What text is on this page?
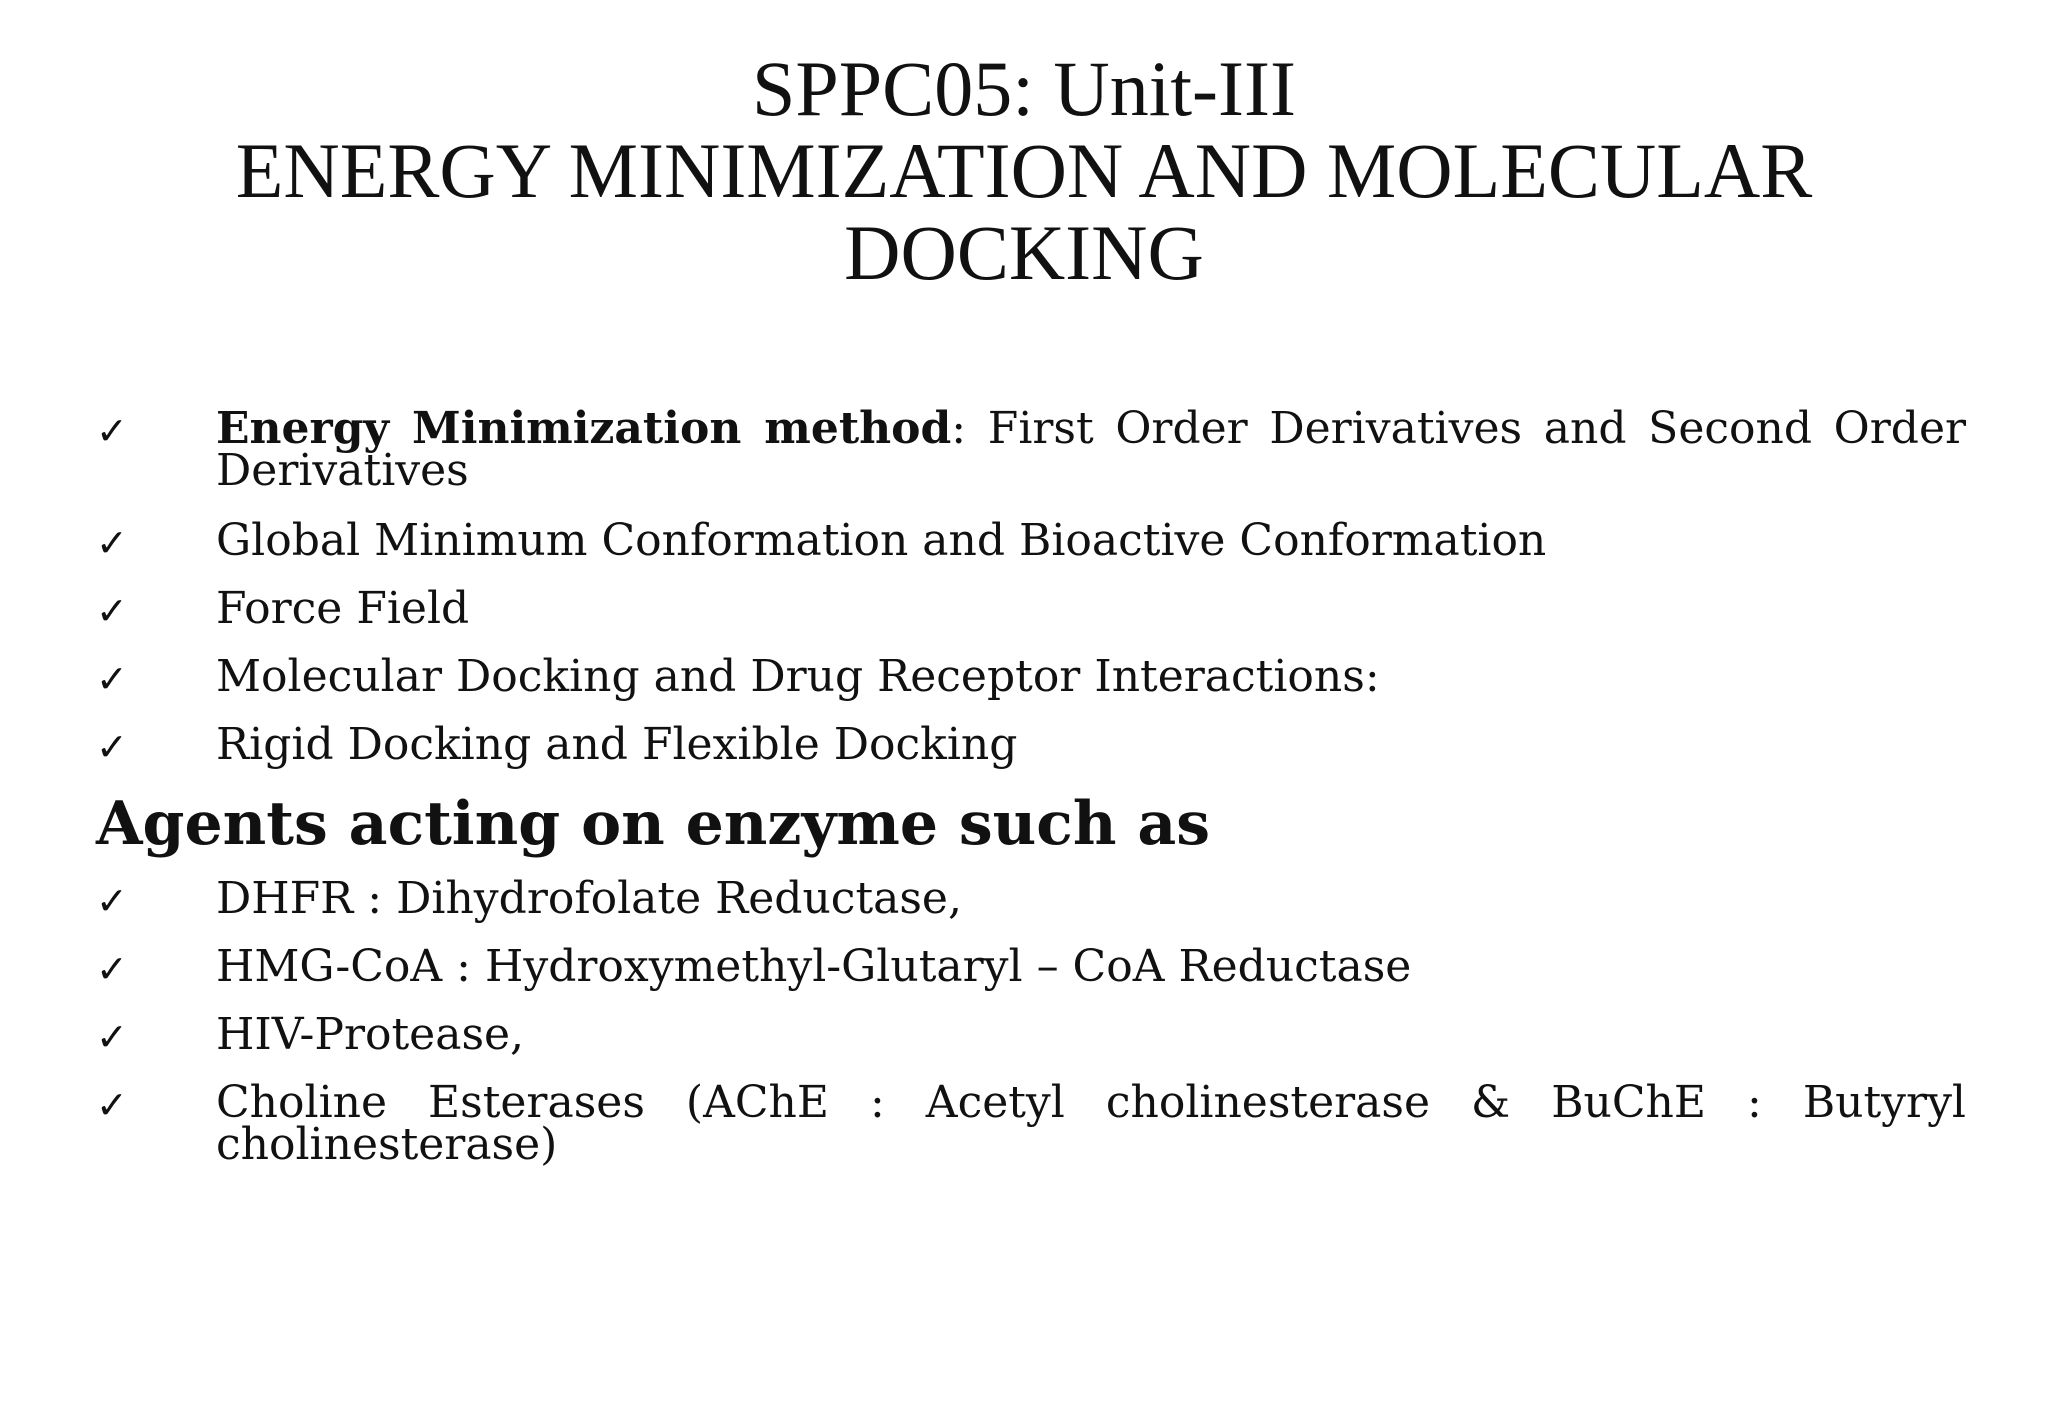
SPPC05: Unit-III
ENERGY MINIMIZATION AND MOLECULAR
DOCKING
✓ Energy Minimization method: First Order Derivatives and Second Order Derivatives
✓ Global Minimum Conformation and Bioactive Conformation
✓ Force Field
✓ Molecular Docking and Drug Receptor Interactions:
✓ Rigid Docking and Flexible Docking
Agents acting on enzyme such as
✓ DHFR : Dihydrofolate Reductase,
✓ HMG-CoA : Hydroxymethyl-Glutaryl – CoA Reductase
✓ HIV-Protease,
✓ Choline Esterases (AChE : Acetyl cholinesterase & BuChE : Butyryl cholinesterase)
